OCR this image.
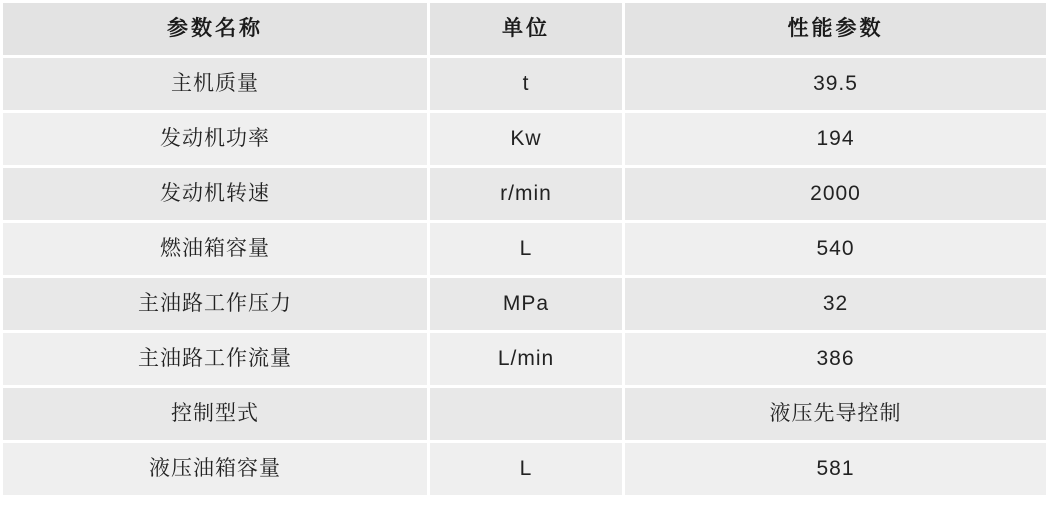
参数名称	单位	性能参数

主机质量	t	39.5

发动机功率	Kw	194

发动机转速	r/min	2000

燃油箱容量	L	540

主油路工作压力	MPa	32

主油路工作流量	L/min	386

控制型式		液压先导控制

液压油箱容量	L	581
